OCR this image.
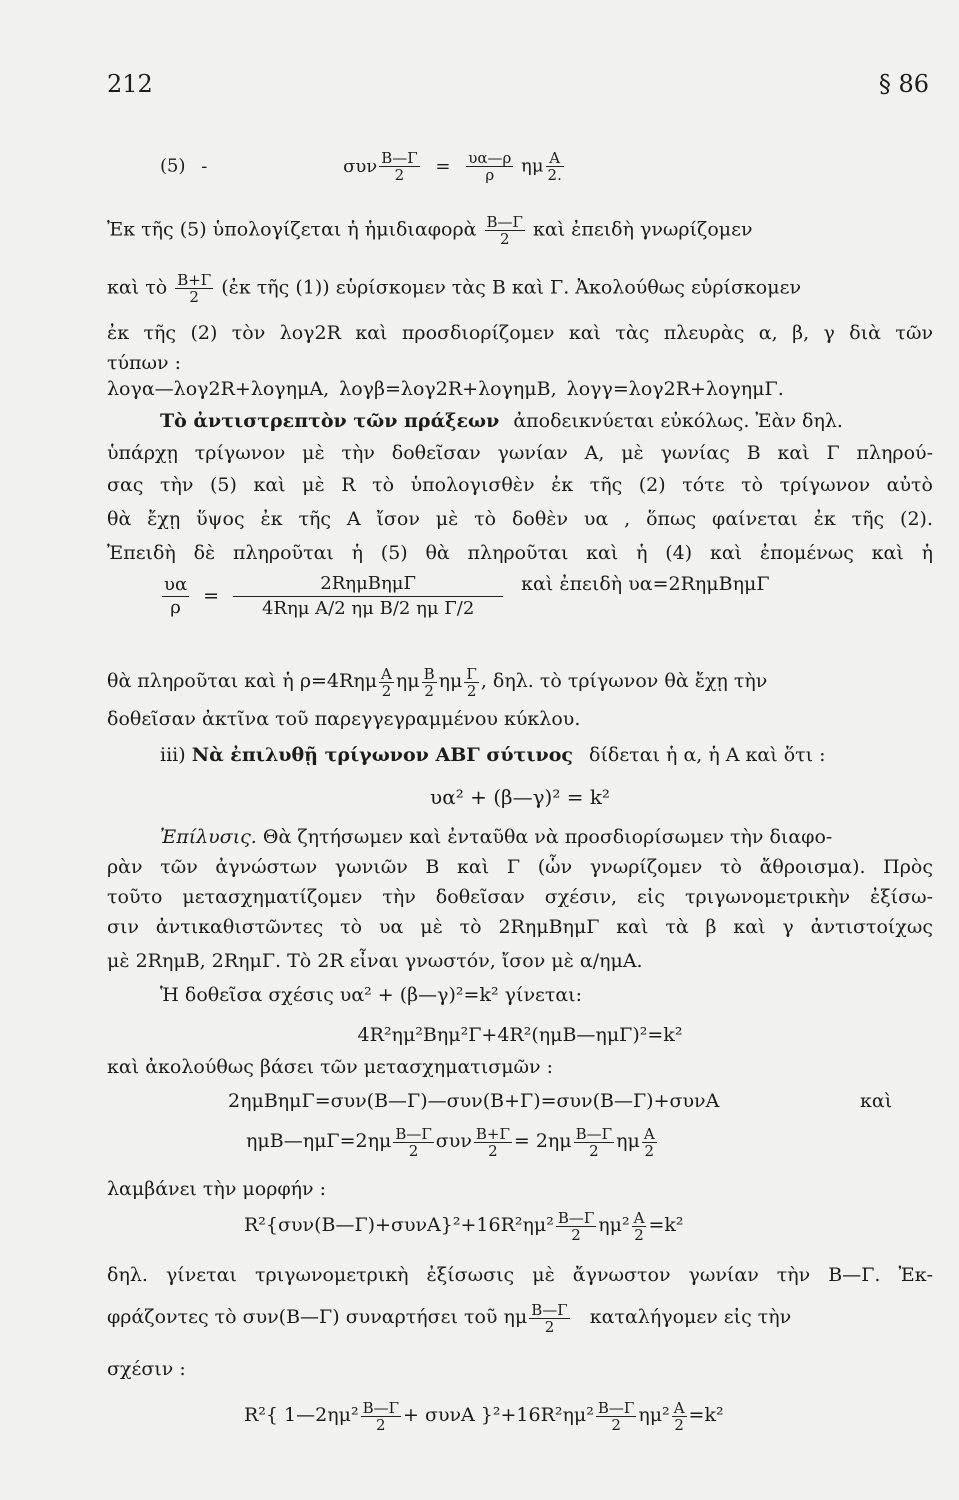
212	§ 86
(5) -	συν $\frac{B—\Gamma}{2} = \frac{\upsilon\alpha—\rho}{\rho}$ ημ $\frac{A}{2.}$
Ἐκ τῆς (5) ὑπολογίζεται ἡ ἡμιδιαφορὰ $\frac{B—\Gamma}{2}$ καὶ ἐπειδὴ γνωρίζομεν
καὶ τὸ $\frac{B+\Gamma}{2}$ (ἐκ τῆς (1)) εὑρίσκομεν τὰς B καὶ Γ. Ἀκολούθως εὑρίσκομεν
ἐκ τῆς (2) τὸν λογ2R καὶ προσδιορίζομεν καὶ τὰς πλευρὰς α, β, γ διὰ τῶν
τύπων :
λογα—λογ2R+λογημA, λογβ=λογ2R+λογημB, λογγ=λογ2R+λογημΓ.
Τὸ ἀντιστρεπτὸν τῶν πράξεων ἀποδεικνύεται εὐκόλως. Ἐὰν δηλ.
ὑπάρχῃ τρίγωνον μὲ τὴν δοθεῖσαν γωνίαν A, μὲ γωνίας B καὶ Γ πληρού-
σας τὴν (5) καὶ μὲ R τὸ ὑπολογισθὲν ἐκ τῆς (2) τότε τὸ τρίγωνον αὐτὸ
θὰ ἔχῃ ὕψος ἐκ τῆς A ἴσον μὲ τὸ δοθὲν υα , ὅπως φαίνεται ἐκ τῆς (2).
Ἐπειδὴ δὲ πληροῦται ἡ (5) θὰ πληροῦται καὶ ἡ (4) καὶ ἐπομένως καὶ ἡ
$\frac{\upsilon\alpha}{\rho} = \frac{\text{2RημBημΓ}}{\text{4Rημ A/2 ημ B/2 ημ Γ/2}}$ καὶ ἐπειδὴ υα=2RημBημΓ
θὰ πληροῦται καὶ ἡ $\rho=4R\eta\mu \frac{A}{2}$ ημ $\frac{B}{2}$ ημ $\frac{\Gamma}{2}$ , δηλ. τὸ τρίγωνον θὰ ἔχῃ τὴν
δοθεῖσαν ἀκτῖνα τοῦ παρεγγεγραμμένου κύκλου.
iii) Νὰ ἐπιλυθῇ τρίγωνον ABΓ σύτινος δίδεται ἡ α, ἡ A καὶ ὅτι :
υα² + (β—γ)² = k²
Ἐπίλυσις. Θὰ ζητήσωμεν καὶ ἐνταῦθα νὰ προσδιορίσωμεν τὴν διαφο-
ρὰν τῶν ἀγνώστων γωνιῶν B καὶ Γ (ὧν γνωρίζομεν τὸ ἄθροισμα). Πρὸς
τοῦτο μετασχηματίζομεν τὴν δοθεῖσαν σχέσιν, εἰς τριγωνομετρικὴν ἐξίσω-
σιν ἀντικαθιστῶντες τὸ υα μὲ τὸ 2RημBημΓ καὶ τὰ β καὶ γ ἀντιστοίχως
μὲ 2RημB, 2RημΓ. Τὸ 2R εἶναι γνωστόν, ἴσον μὲ α/ημA.
Ἡ δοθεῖσα σχέσις υα² + (β—γ)²=k² γίνεται:
4R²ημ²Bημ²Γ+4R²(ημB—ημΓ)²=k²
καὶ ἀκολούθως βάσει τῶν μετασχηματισμῶν :
2ημBημΓ=συν(B—Γ)—συν(B+Γ)=συν(B—Γ)+συνA	καὶ
ημB—ημΓ=2ημ $\frac{B—\Gamma}{2}$ συν $\frac{B+\Gamma}{2} = 2\eta\mu \frac{B—\Gamma}{2}$ ημ $\frac{A}{2}$
λαμβάνει τὴν μορφήν :
R²{συν(B—Γ)+συνA}²+16R²ημ² $\frac{B—\Gamma}{2} \eta\mu^2 \frac{A}{2} =k^2$
δηλ. γίνεται τριγωνομετρικὴ ἐξίσωσις μὲ ἄγνωστον γωνίαν τὴν B—Γ. Ἐκ-
φράζοντες τὸ συν(B—Γ) συναρτήσει τοῦ ημ $\frac{B—\Gamma}{2}$ καταλήγομεν εἰς τὴν
σχέσιν :
R²{ 1—2ημ² $\frac{B—\Gamma}{2} + \sigma\upsilon\nu A$ }$^2+16R^2\eta\mu^2 \frac{B—\Gamma}{2} \eta\mu^2 \frac{A}{2} =k^2$
